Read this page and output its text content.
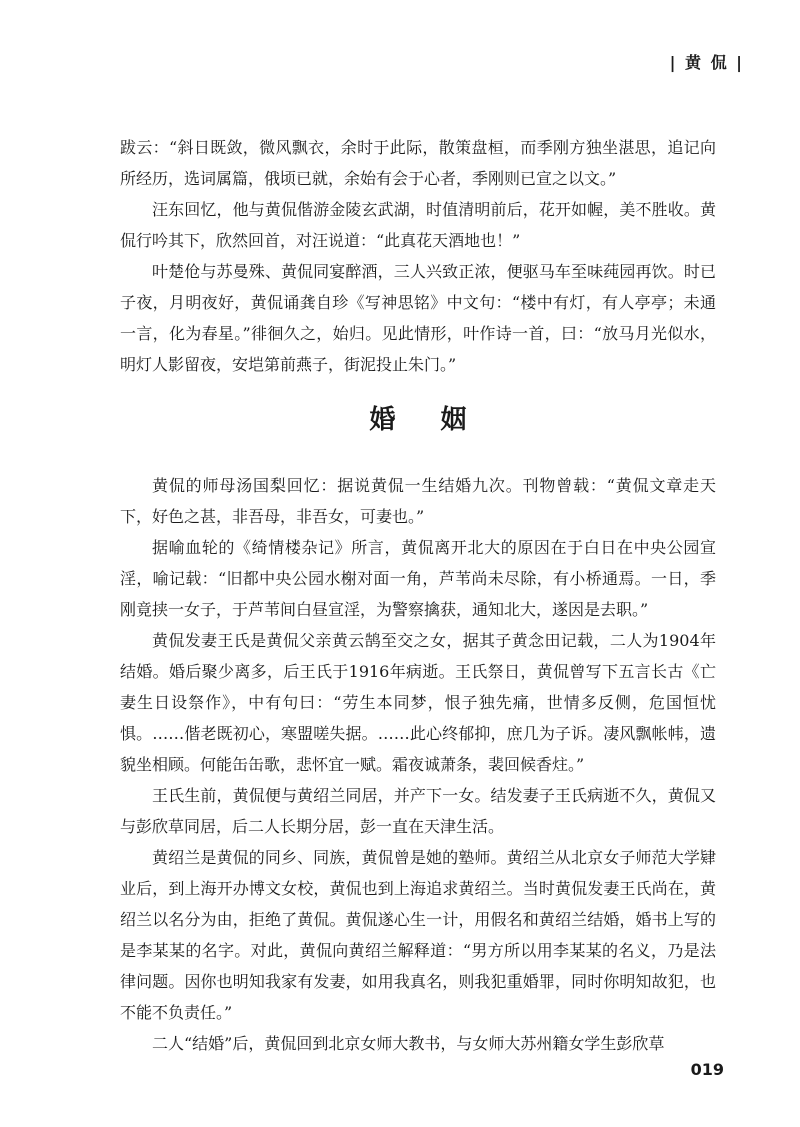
| 黄 侃 |

跋云：“斜日既敛，微风飘衣，余时于此际，散策盘桓，而季刚方独坐湛思，追记向所经历，选词属篇，俄顷已就，余始有会于心者，季刚则已宣之以文。”

汪东回忆，他与黄侃偕游金陵玄武湖，时值清明前后，花开如幄，美不胜收。黄侃行吟其下，欣然回首，对汪说道：“此真花天酒地也！”

叶楚伧与苏曼殊、黄侃同宴醉酒，三人兴致正浓，便驱马车至味莼园再饮。时已子夜，月明夜好，黄侃诵龚自珍《写神思铭》中文句：“楼中有灯，有人亭亭；未通一言，化为春星。”徘徊久之，始归。见此情形，叶作诗一首，曰：“放马月光似水，明灯人影留夜，安垲第前燕子，街泥投止朱门。”

婚 姻

黄侃的师母汤国梨回忆：据说黄侃一生结婚九次。刊物曾载：“黄侃文章走天下，好色之甚，非吾母，非吾女，可妻也。”

据喻血轮的《绮情楼杂记》所言，黄侃离开北大的原因在于白日在中央公园宣淫，喻记载：“旧都中央公园水榭对面一角，芦苇尚未尽除，有小桥通焉。一日，季刚竟挟一女子，于芦苇间白昼宣淫，为警察擒获，通知北大，遂因是去职。”

黄侃发妻王氏是黄侃父亲黄云鹄至交之女，据其子黄念田记载，二人为1904年结婚。婚后聚少离多，后王氏于1916年病逝。王氏祭日，黄侃曾写下五言长古《亡妻生日设祭作》，中有句曰：“劳生本同梦，恨子独先痛，世情多反侧，危国恒忧惧。……偕老既初心，寒盟嗟失据。……此心终郁抑，庶几为子诉。凄风飘帐帏，遗貌坐相顾。何能缶缶歌，悲怀宜一赋。霜夜诚萧条，裴回候香炷。”

王氏生前，黄侃便与黄绍兰同居，并产下一女。结发妻子王氏病逝不久，黄侃又与彭欣草同居，后二人长期分居，彭一直在天津生活。

黄绍兰是黄侃的同乡、同族，黄侃曾是她的塾师。黄绍兰从北京女子师范大学肄业后，到上海开办博文女校，黄侃也到上海追求黄绍兰。当时黄侃发妻王氏尚在，黄绍兰以名分为由，拒绝了黄侃。黄侃遂心生一计，用假名和黄绍兰结婚，婚书上写的是李某某的名字。对此，黄侃向黄绍兰解释道：“男方所以用李某某的名义，乃是法律问题。因你也明知我家有发妻，如用我真名，则我犯重婚罪，同时你明知故犯，也不能不负责任。”

二人“结婚”后，黄侃回到北京女师大教书，与女师大苏州籍女学生彭欣草

019
